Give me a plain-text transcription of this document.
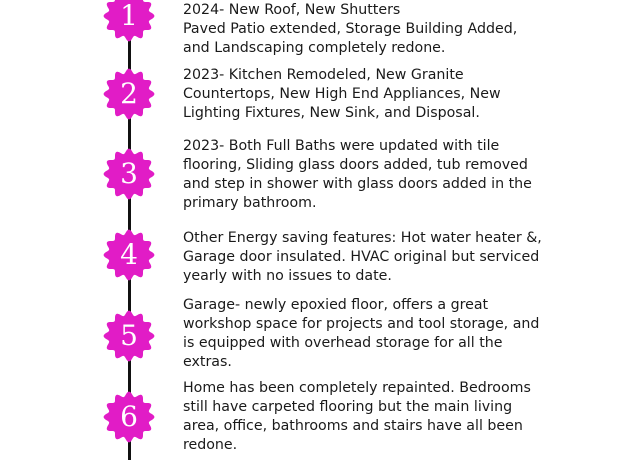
1	2024- New Roof, New Shutters
Paved Patio extended, Storage Building Added,
and Landscaping completely redone.
2
2023- Kitchen Remodeled, New Granite
Countertops, New High End Appliances, New
Lighting Fixtures, New Sink, and Disposal.
3
2023- Both Full Baths were updated with tile
flooring, Sliding glass doors added, tub removed
and step in shower with glass doors added in the
primary bathroom.
4	Other Energy saving features: Hot water heater &,
Garage door insulated. HVAC original but serviced
yearly with no issues to date.
5
Garage- newly epoxied floor, offers a great
workshop space for projects and tool storage, and
is equipped with overhead storage for all the
extras.
6
Home has been completely repainted. Bedrooms
still have carpeted flooring but the main living
area, office, bathrooms and stairs have all been
redone.
